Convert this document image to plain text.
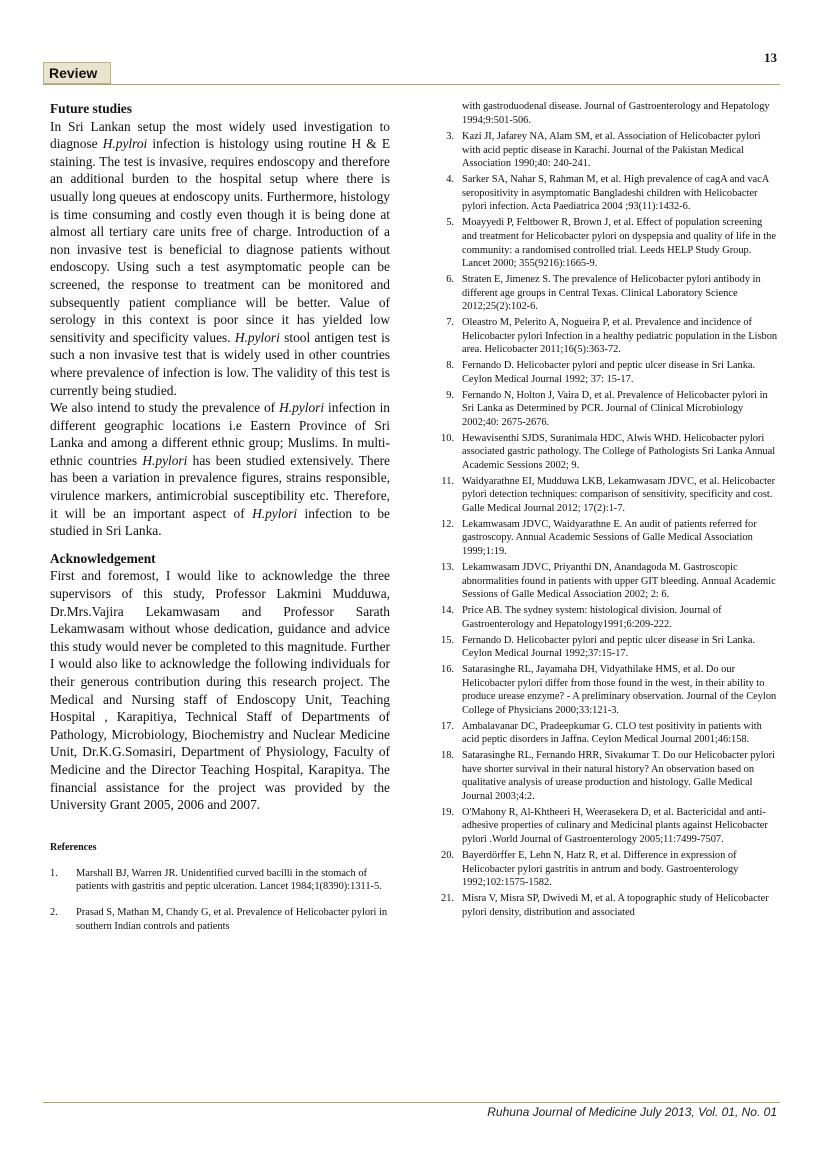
13
Review
Future studies
In Sri Lankan setup the most widely used investigation to diagnose H.pylroi infection is histology using routine H & E staining. The test is invasive, requires endoscopy and therefore an additional burden to the hospital setup where there is usually long queues at endoscopy units. Furthermore, histology is time consuming and costly even though it is being done at almost all tertiary care units free of charge. Introduction of a non invasive test is beneficial to diagnose patients without endoscopy. Using such a test asymptomatic people can be screened, the response to treatment can be monitored and subsequently patient compliance will be better. Value of serology in this context is poor since it has yielded low sensitivity and specificity values. H.pylori stool antigen test is such a non invasive test that is widely used in other countries where prevalence of infection is low. The validity of this test is currently being studied.
We also intend to study the prevalence of H.pylori infection in different geographic locations i.e Eastern Province of Sri Lanka and among a different ethnic group; Muslims. In multi-ethnic countries H.pylori has been studied extensively. There has been a variation in prevalence figures, strains responsible, virulence markers, antimicrobial susceptibility etc. Therefore, it will be an important aspect of H.pylori infection to be studied in Sri Lanka.
Acknowledgement
First and foremost, I would like to acknowledge the three supervisors of this study, Professor Lakmini Mudduwa, Dr.Mrs.Vajira Lekamwasam and Professor Sarath Lekamwasam without whose dedication, guidance and advice this study would never be completed to this magnitude. Further I would also like to acknowledge the following individuals for their generous contribution during this research project. The Medical and Nursing staff of Endoscopy Unit, Teaching Hospital , Karapitiya, Technical Staff of Departments of Pathology, Microbiology, Biochemistry and Nuclear Medicine Unit, Dr.K.G.Somasiri, Department of Physiology, Faculty of Medicine and the Director Teaching Hospital, Karapitya. The financial assistance for the project was provided by the University Grant 2005, 2006 and 2007.
References
1.	Marshall BJ, Warren JR. Unidentified curved bacilli in the stomach of patients with gastritis and peptic ulceration. Lancet 1984;1(8390):1311-5.
2.	Prasad S, Mathan M, Chandy G, et al. Prevalence of Helicobacter pylori in southern Indian controls and patients
with gastroduodenal disease. Journal of Gastroenterology and Hepatology 1994;9:501-506.
3. Kazi JI, Jafarey NA, Alam SM, et al. Association of Helicobacter pylori with acid peptic disease in Karachi. Journal of the Pakistan Medical Association 1990;40: 240-241.
4. Sarker SA, Nahar S, Rahman M, et al. High prevalence of cagA and vacA seropositivity in asymptomatic Bangladeshi children with Helicobacter pylori infection. Acta Paediatrica 2004 ;93(11):1432-6.
5. Moayyedi P, Feltbower R, Brown J, et al. Effect of population screening and treatment for Helicobacter pylori on dyspepsia and quality of life in the community: a randomised controlled trial. Leeds HELP Study Group. Lancet 2000; 355(9216):1665-9.
6. Straten E, Jimenez S. The prevalence of Helicobacter pylori antibody in different age groups in Central Texas. Clinical Laboratory Science 2012;25(2):102-6.
7. Oleastro M, Pelerito A, Nogueira P, et al. Prevalence and incidence of Helicobacter pylori Infection in a healthy pediatric population in the Lisbon area. Helicobacter 2011;16(5):363-72.
8. Fernando D. Helicobacter pylori and peptic ulcer disease in Sri Lanka. Ceylon Medical Journal 1992; 37: 15-17.
9. Fernando N, Holton J, Vaira D, et al. Prevalence of Helicobacter pylori in Sri Lanka as Determined by PCR. Journal of Clinical Microbiology 2002;40: 2675-2676.
10. Hewavisenthi SJDS, Suranimala HDC, Alwis WHD. Helicobacter pylori associated gastric pathology. The College of Pathologists Sri Lanka Annual Academic Sessions 2002; 9.
11. Waidyarathne EI, Mudduwa LKB, Lekamwasam JDVC, et al. Helicobacter pylori detection techniques: comparison of sensitivity, specificity and cost. Galle Medical Journal 2012; 17(2):1-7.
12. Lekamwasam JDVC, Waidyarathne E. An audit of patients referred for gastroscopy. Annual Academic Sessions of Galle Medical Association 1999;1:19.
13. Lekamwasam JDVC, Priyanthi DN, Anandagoda M. Gastroscopic abnormalities found in patients with upper GIT bleeding. Annual Academic Sessions of Galle Medical Association 2002; 2: 6.
14. Price AB. The sydney system: histological division. Journal of Gastroenterology and Hepatology1991;6:209-222.
15. Fernando D. Helicobacter pylori and peptic ulcer disease in Sri Lanka. Ceylon Medical Journal 1992;37:15-17.
16. Satarasinghe RL, Jayamaha DH, Vidyathilake HMS, et al. Do our Helicobacter pylori differ from those found in the west, in their ability to produce urease enzyme? - A preliminary observation. Journal of the Ceylon College of Physicians 2000;33:121-3.
17. Ambalavanar DC, Pradeepkumar G. CLO test positivity in patients with acid peptic disorders in Jaffna. Ceylon Medical Journal 2001;46:158.
18. Satarasinghe RL, Fernando HRR, Sivakumar T. Do our Helicobacter pylori have shorter survival in their natural history? An observation based on qualitative analysis of urease production and histology. Galle Medical Journal 2003;4:2.
19. O'Mahony R, Al-Khtheeri H, Weerasekera D, et al. Bactericidal and anti-adhesive properties of culinary and Medicinal plants against Helicobacter pylori .World Journal of Gastroenterology 2005;11:7499-7507.
20. Bayerdörffer E, Lehn N, Hatz R, et al. Difference in expression of Helicobacter pylori gastritis in antrum and body. Gastroenterology 1992;102:1575-1582.
21. Misra V, Misra SP, Dwivedi M, et al. A topographic study of Helicobacter pylori density, distribution and associated
Ruhuna Journal of Medicine July 2013, Vol. 01, No. 01
